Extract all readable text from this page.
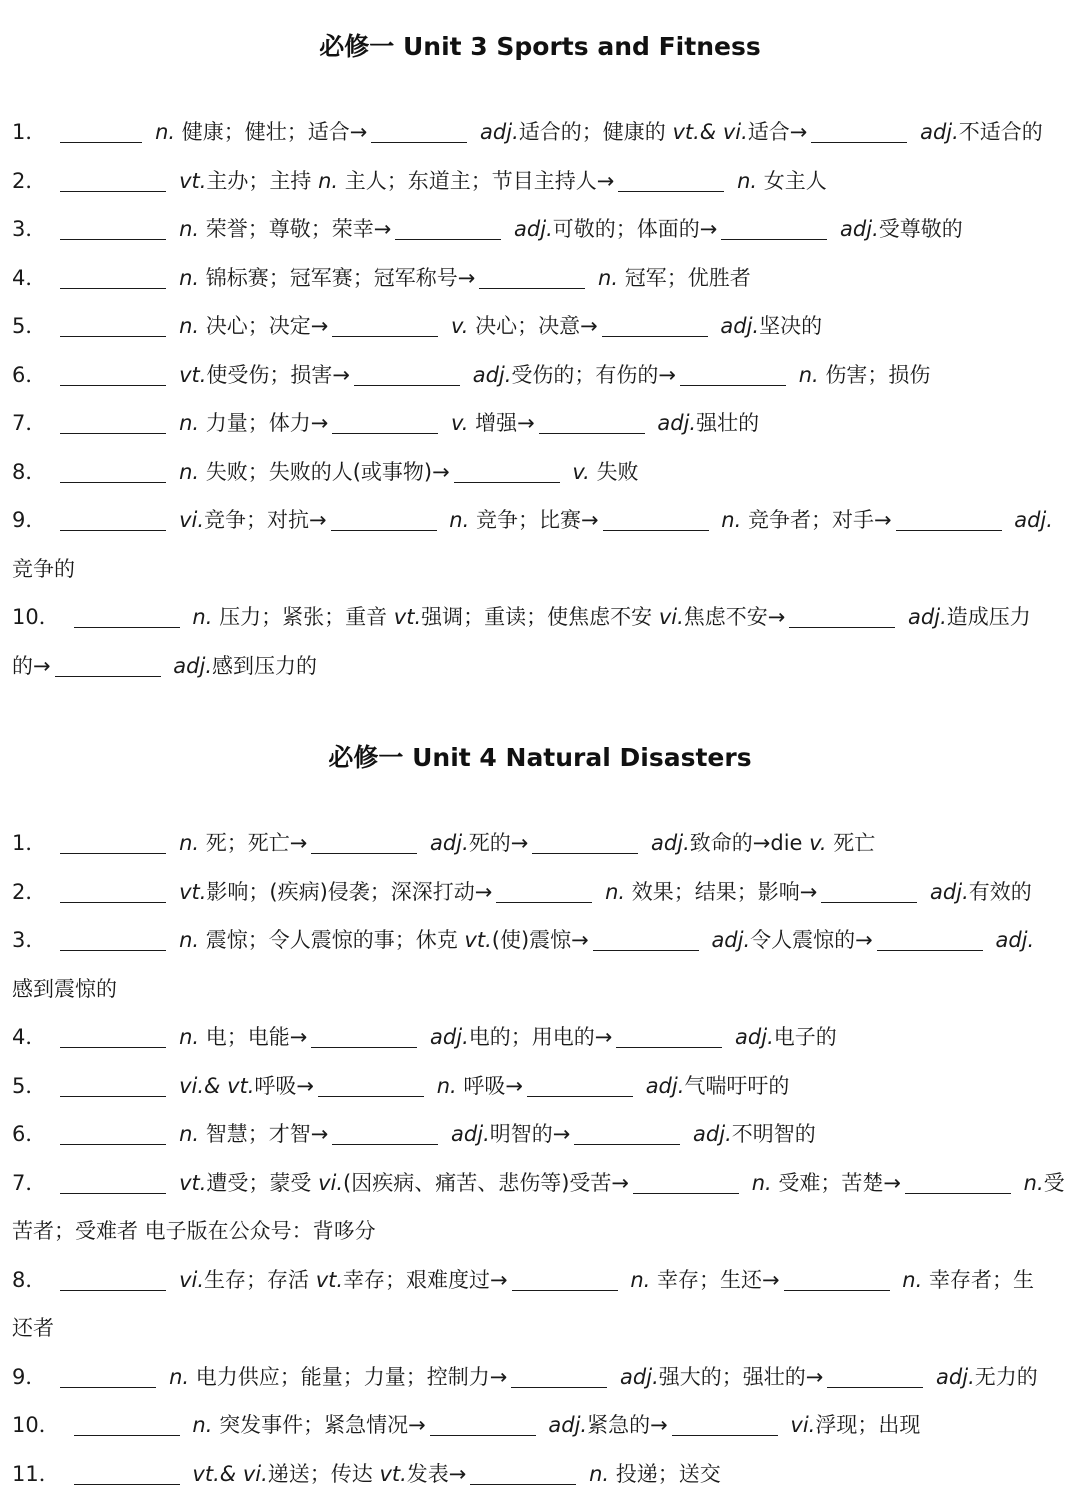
必修一 Unit 3 Sports and Fitness
1．	n. 健康；健壮；适合→	adj.适合的；健康的 vt.& vi.适合→	adj.不适合的
2．	vt.主办；主持 n. 主人；东道主；节目主持人→	n. 女主人
3．	n. 荣誉；尊敬；荣幸→	adj.可敬的；体面的→	adj.受尊敬的
4．	n. 锦标赛；冠军赛；冠军称号→	n. 冠军；优胜者
5．	n. 决心；决定→	v. 决心；决意→	adj.坚决的
6．	vt.使受伤；损害→	adj.受伤的；有伤的→	n. 伤害；损伤
7．	n. 力量；体力→	v. 增强→	adj.强壮的
8．	n. 失败；失败的人(或事物)→	v. 失败
9．	vi.竞争；对抗→	n. 竞争；比赛→	n. 竞争者；对手→	adj.
竞争的
10．	n. 压力；紧张；重音 vt.强调；重读；使焦虑不安 vi.焦虑不安→	adj.造成压力
的→	adj.感到压力的
必修一 Unit 4 Natural Disasters
1．	n. 死；死亡→	adj.死的→	adj.致命的→die v. 死亡
2．	vt.影响；(疾病)侵袭；深深打动→	n. 效果；结果；影响→	adj.有效的
3．	n. 震惊；令人震惊的事；休克 vt.(使)震惊→	adj.令人震惊的→	adj.
感到震惊的
4．	n. 电；电能→	adj.电的；用电的→	adj.电子的
5．	vi.& vt.呼吸→	n. 呼吸→	adj.气喘吁吁的
6．	n. 智慧；才智→	adj.明智的→	adj.不明智的
7．	vt.遭受；蒙受 vi.(因疾病、痛苦、悲伤等)受苦→	n. 受难；苦楚→	n.受
苦者；受难者 电子版在公众号：背哆分
8．	vi.生存；存活 vt.幸存；艰难度过→	n. 幸存；生还→	n. 幸存者；生
还者
9．	n. 电力供应；能量；力量；控制力→	adj.强大的；强壮的→	adj.无力的
10．	n. 突发事件；紧急情况→	adj.紧急的→	vi.浮现；出现
11．	vt.& vi.递送；传达 vt.发表→	n. 投递；送交
